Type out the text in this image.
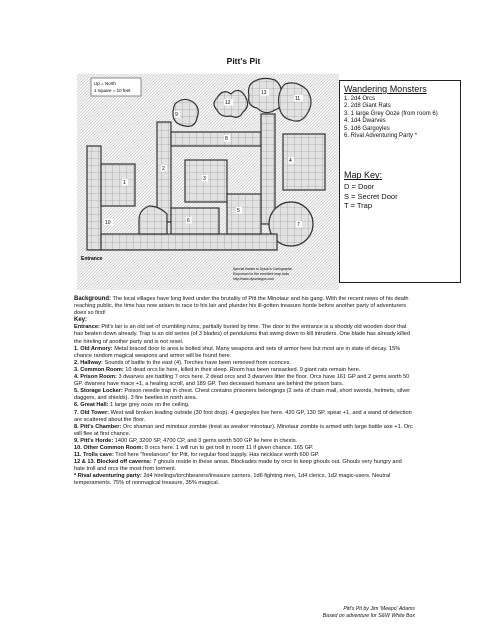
Pitt's Pit
1
2
3
4
5
6
7
8
9
10
11
12
13
Up = North
1 square = 10 feet
Entrance
Special thanks to Dyson's Cartographic
Emporium for the excellent map tools
http://www.dysonlogos.com
Wandering Monsters
1. 2d4 Orcs
2. 2d8 Giant Rats
3. 1 large Grey Ooze (from room 6)
4. 1d4 Dwarves
5. 1d6 Gargoyles
6. Rival Adventuring Party *
Map Key:
D = Door
S = Secret Door
T = Trap

Background: The local villages have long lived under the brutality of Pitt the Minotaur and his gang. With the recent news of his death reaching public, the time has now arisen to race to his lair and plunder his ill-gotten treasure horde before another party of adventurers does so first!

Key:

Entrance: Pitt's lair is an old set of crumbling ruins, partially buried by time. The door to the entrance is a shoddy old wooden door that has beaten down already. Trap is an old series (of 3 blades) of pendulums that swing down to kill intruders. One blade has already killed the hireling of another party and is not reset.

1. Old Armory: Metal braced door to area is bolted shut. Many weapons and sets of armor here but most are in state of decay. 15% chance random magical weapons and armor will be found here.

2. Hallway: Sounds of battle to the east (4). Torches have been removed from sconces.

3. Common Room: 10 dead orcs lie here, killed in their sleep. Room has been ransacked. 9 giant rats remain here.

4. Prison Room: 3 dwarves are battling 7 orcs here. 2 dead orcs and 3 dwarves litter the floor. Orcs have 161 GP and 2 gems worth 50 GP. dwarves have mace +1, a healing scroll, and 189 GP. Two deceased humans are behind the prison bars.

5. Storage Locker: Poison needle trap in chest. Chest contains prisoners belongings (2 sets of chain mail, short swords, helmets, silver daggers, and shields). 3 fire beetles in north area.

6. Great Hall: 1 large grey ooze on the ceiling.

7. Old Tower: West wall broken leading outside (30 foot drop). 4 gargoyles live here. 420 GP, 130 SP, spear +1, and a wand of detection are scattered about the floor.

8. Pitt's Chamber: Orc shaman and minotaur zombie (treat as weaker minotaur). Minotaur zombie is armed with large battle axe +1. Orc will flee at first chance.

9. Pitt's Horde: 1400 GP, 3200 SP, 4700 CP, and 3 gems worth 500 GP lie here in chests.

10. Other Common Room: 8 orcs here. 1 will run to get troll in room 11 if given chance. 165 GP.

11. Trolls cave: Troll here "freelances" for Pitt, for regular food supply. Has necklace worth 600 GP.

12 & 13. Blocked off caverns: 7 ghouls reside in these areas. Blockades made by orcs to keep ghouls out. Ghouls very hungry and hate troll and orcs the most from torment.

* Rival adventuring party: 2d4 hirelings/torchbearers/treasure carriers, 1d6 fighting men, 1d4 clerics, 1d2 magic-users. Neutral temperaments. 75% of nonmagical treasure, 35% magical.

Pitt's Pit by Jim 'Meepo' Adams
Based on adventure for S&W White Box
